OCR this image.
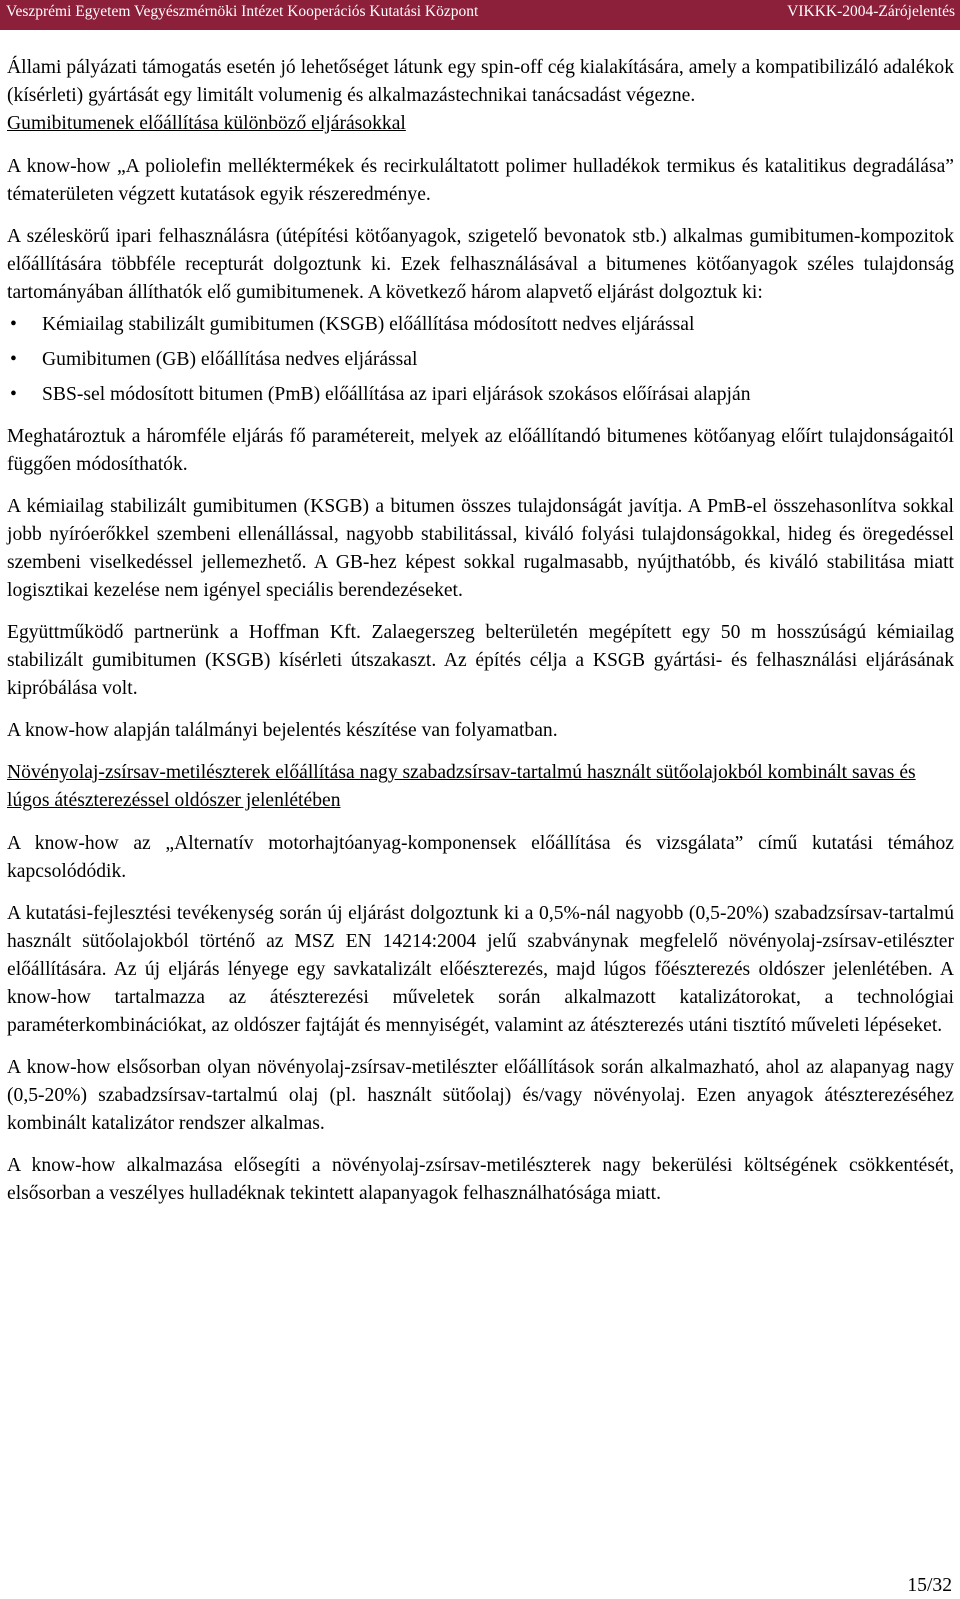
Veszprémi Egyetem Vegyészmérnöki Intézet Kooperációs Kutatási Központ	VIKKK-2004-Zárójelentés

Állami pályázati támogatás esetén jó lehetőséget látunk egy spin-off cég kialakítására, amely a kompatibilizáló adalékok (kísérleti) gyártását egy limitált volumenig és alkalmazástechnikai tanácsadást végezne.

Gumibitumenek előállítása különböző eljárásokkal

A know-how „A poliolefin melléktermékek és recirkuláltatott polimer hulladékok termikus és katalitikus degradálása” tématerületen végzett kutatások egyik részeredménye.

A széleskörű ipari felhasználásra (útépítési kötőanyagok, szigetelő bevonatok stb.) alkalmas gumibitumen-kompozitok előállítására többféle recepturát dolgoztunk ki. Ezek felhasználásával a bitumenes kötőanyagok széles tulajdonság tartományában állíthatók elő gumibitumenek. A következő három alapvető eljárást dolgoztuk ki:

• Kémiailag stabilizált gumibitumen (KSGB) előállítása módosított nedves eljárással
• Gumibitumen (GB) előállítása nedves eljárással
• SBS-sel módosított bitumen (PmB) előállítása az ipari eljárások szokásos előírásai alapján

Meghatároztuk a háromféle eljárás fő paramétereit, melyek az előállítandó bitumenes kötőanyag előírt tulajdonságaitól függően módosíthatók.

A kémiailag stabilizált gumibitumen (KSGB) a bitumen összes tulajdonságát javítja. A PmB-el összehasonlítva sokkal jobb nyíróerőkkel szembeni ellenállással, nagyobb stabilitással, kiváló folyási tulajdonságokkal, hideg és öregedéssel szembeni viselkedéssel jellemezhető. A GB-hez képest sokkal rugalmasabb, nyújthatóbb, és kiváló stabilitása miatt logisztikai kezelése nem igényel speciális berendezéseket.

Együttműködő partnerünk a Hoffman Kft. Zalaegerszeg belterületén megépített egy 50 m hosszúságú kémiailag stabilizált gumibitumen (KSGB) kísérleti útszakaszt. Az építés célja a KSGB gyártási- és felhasználási eljárásának kipróbálása volt.

A know-how alapján találmányi bejelentés készítése van folyamatban.

Növényolaj-zsírsav-metilészterek előállítása nagy szabadzsírsav-tartalmú használt sütőolajokból kombinált savas és lúgos átészterezéssel oldószer jelenlétében

A know-how az „Alternatív motorhajtóanyag-komponensek előállítása és vizsgálata” című kutatási témához kapcsolódódik.

A kutatási-fejlesztési tevékenység során új eljárást dolgoztunk ki a 0,5%-nál nagyobb (0,5-20%) szabadzsírsav-tartalmú használt sütőolajokból történő az MSZ EN 14214:2004 jelű szabványnak megfelelő növényolaj-zsírsav-etilészter előállítására. Az új eljárás lényege egy savkatalizált előészterezés, majd lúgos főészterezés oldószer jelenlétében. A know-how tartalmazza az átészterezési műveletek során alkalmazott katalizátorokat, a technológiai paraméterkombinációkat, az oldószer fajtáját és mennyiségét, valamint az átészterezés utáni tisztító műveleti lépéseket.

A know-how elsősorban olyan növényolaj-zsírsav-metilészter előállítások során alkalmazható, ahol az alapanyag nagy (0,5-20%) szabadzsírsav-tartalmú olaj (pl. használt sütőolaj) és/vagy növényolaj. Ezen anyagok átészterezéséhez kombinált katalizátor rendszer alkalmas.

A know-how alkalmazása elősegíti a növényolaj-zsírsav-metilészterek nagy bekerülési költségének csökkentését, elsősorban a veszélyes hulladéknak tekintett alapanyagok felhasználhatósága miatt.

15/32
